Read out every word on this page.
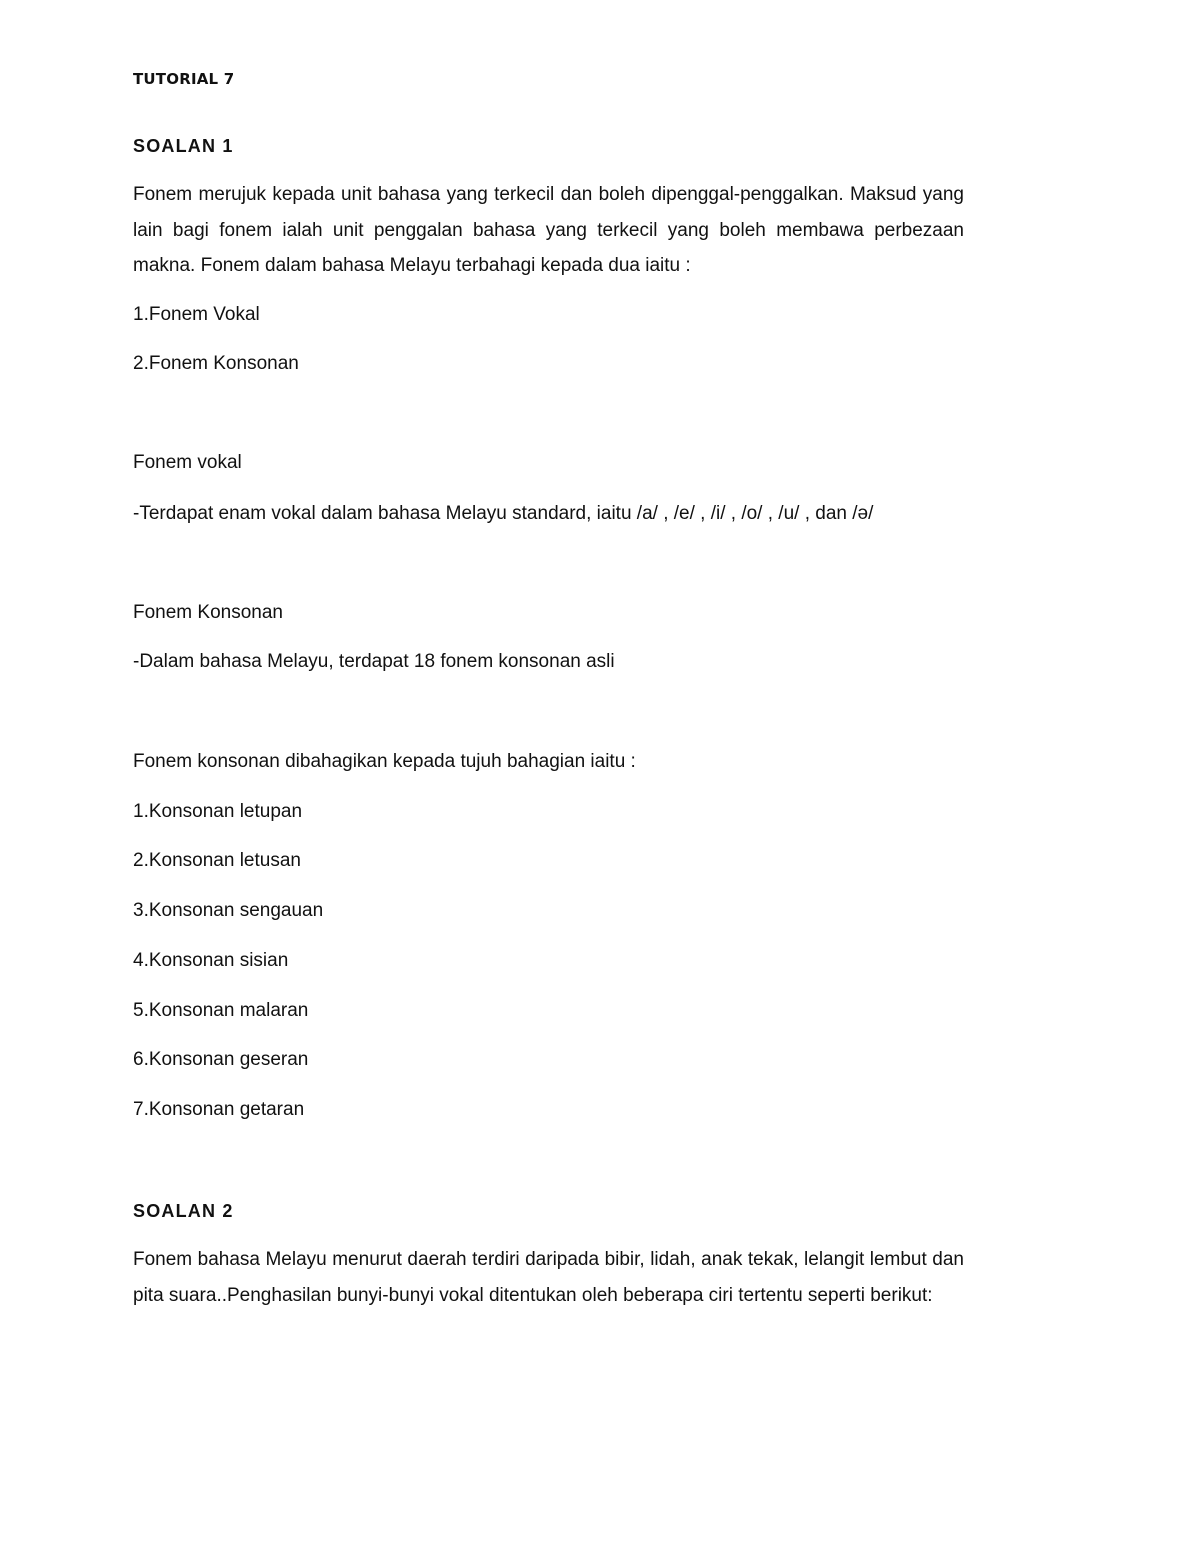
TUTORIAL 7

SOALAN 1

Fonem merujuk kepada unit bahasa yang terkecil dan boleh dipenggal-penggalkan. Maksud yang lain bagi fonem ialah unit penggalan bahasa yang terkecil yang boleh membawa perbezaan makna. Fonem dalam bahasa Melayu terbahagi kepada dua iaitu :

1.Fonem Vokal

2.Fonem Konsonan

Fonem vokal

-Terdapat enam vokal dalam bahasa Melayu standard, iaitu /a/ , /e/ , /i/ , /o/ , /u/ , dan /ə/

Fonem Konsonan

-Dalam bahasa Melayu, terdapat 18 fonem konsonan asli

Fonem konsonan dibahagikan kepada tujuh bahagian iaitu :

1.Konsonan letupan

2.Konsonan letusan

3.Konsonan sengauan

4.Konsonan sisian

5.Konsonan malaran

6.Konsonan geseran

7.Konsonan getaran

SOALAN 2

Fonem bahasa Melayu menurut daerah terdiri daripada bibir, lidah, anak tekak, lelangit lembut dan pita suara..Penghasilan bunyi-bunyi vokal ditentukan oleh beberapa ciri tertentu seperti berikut:
